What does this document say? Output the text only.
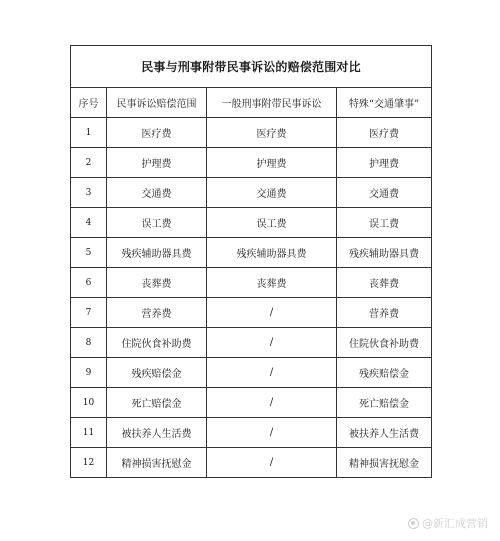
民事与刑事附带民事诉讼的赔偿范围对比			
序号	民事诉讼赔偿范围	一般刑事附带民事诉讼	特殊“交通肇事”
1	医疗费	医疗费	医疗费
2	护理费	护理费	护理费
3	交通费	交通费	交通费
4	误工费	误工费	误工费
5	残疾辅助器具费	残疾辅助器具费	残疾辅助器具费
6	丧葬费	丧葬费	丧葬费
7	营养费	/	营养费
8	住院伙食补助费	/	住院伙食补助费
9	残疾赔偿金	/	残疾赔偿金
10	死亡赔偿金	/	死亡赔偿金
11	被扶养人生活费	/	被扶养人生活费
12	精神损害抚慰金	/	精神损害抚慰金
@新汇成营销
